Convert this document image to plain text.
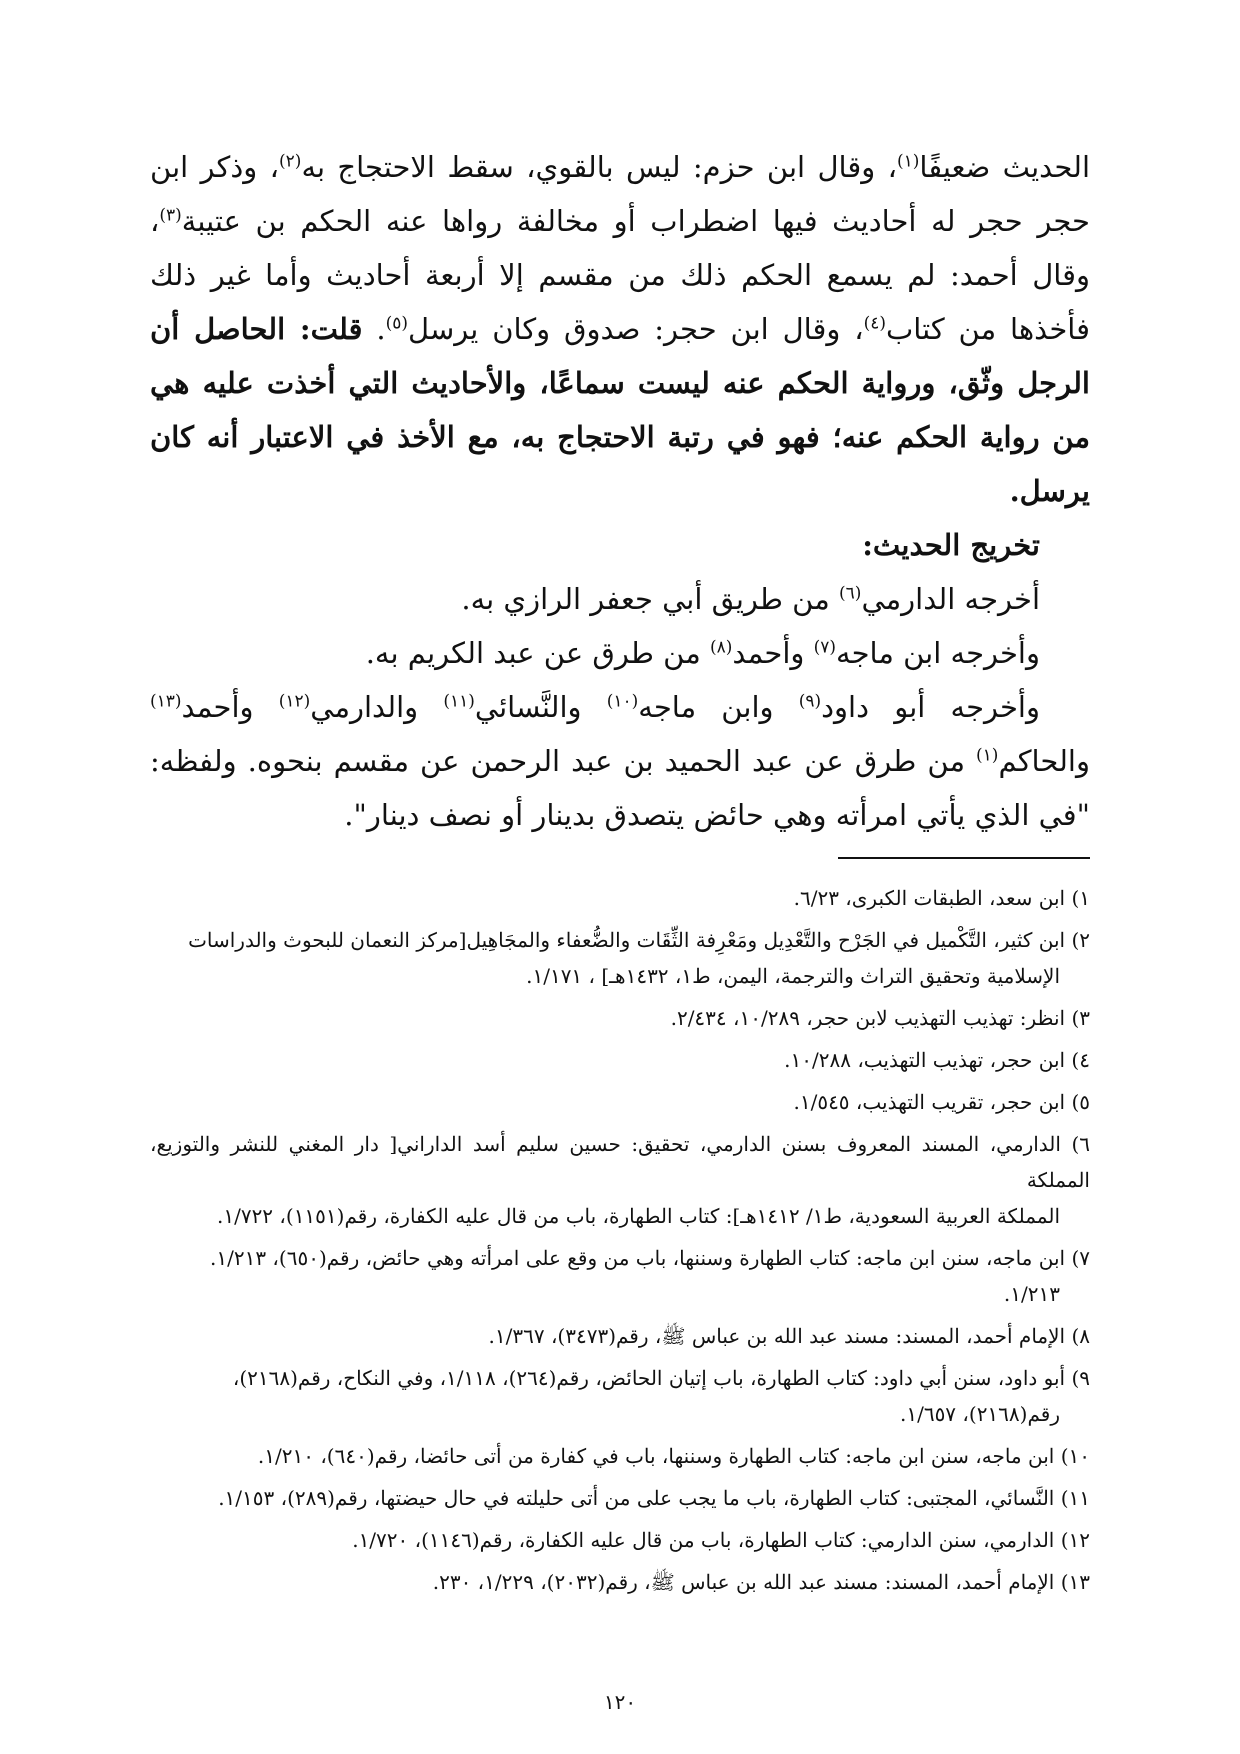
الحديث ضعيفًا$^{(١)}$، وقال ابن حزم: ليس بالقوي، سقط الاحتجاج به$^{(٢)}$، وذكر ابن حجر حجر له أحاديث فيها اضطراب أو مخالفة رواها عنه الحكم بن عتيبة$^{(٣)}$، وقال أحمد: لم يسمع الحكم ذلك من مقسم إلا أربعة أحاديث وأما غير ذلك فأخذها من كتاب$^{(٤)}$، وقال ابن حجر: صدوق وكان يرسل$^{(٥)}$. قلت: الحاصل أن الرجل وثّق، ورواية الحكم عنه ليست سماعًا، والأحاديث التي أخذت عليه هي من رواية الحكم عنه؛ فهو في رتبة الاحتجاج به، مع الأخذ في الاعتبار أنه كان يرسل.

تخريج الحديث:

أخرجه الدارمي$^{(٦)}$ من طريق أبي جعفر الرازي به.

وأخرجه ابن ماجه$^{(٧)}$ وأحمد$^{(٨)}$ من طرق عن عبد الكريم به.

وأخرجه أبو داود$^{(٩)}$ وابن ماجه$^{(١٠)}$ والنَّسائي$^{(١١)}$ والدارمي$^{(١٢)}$ وأحمد$^{(١٣)}$ والحاكم$^{(١)}$ من طرق عن عبد الحميد بن عبد الرحمن عن مقسم بنحوه. ولفظه: "في الذي يأتي امرأته وهي حائض يتصدق بدينار أو نصف دينار".

١) ابن سعد، الطبقات الكبرى، ٦/٢٣.

٢) ابن كثير، التَّكْميل في الجَرْح والتَّعْدِيل ومَعْرِفة الثِّقَات والضُّعفاء والمجَاهِيل[مركز النعمان للبحوث والدراسات
الإسلامية وتحقيق التراث والترجمة، اليمن، ط١، ١٤٣٢هـ] ، ١/١٧١.

٣) انظر: تهذيب التهذيب لابن حجر، ١٠/٢٨٩، ٢/٤٣٤.

٤) ابن حجر، تهذيب التهذيب، ١٠/٢٨٨.

٥) ابن حجر، تقريب التهذيب، ١/٥٤٥.

٦) الدارمي، المسند المعروف بسنن الدارمي، تحقيق: حسين سليم أسد الداراني[ دار المغني للنشر والتوزيع، المملكة
المملكة العربية السعودية، ط١/ ١٤١٢هـ]: كتاب الطهارة، باب من قال عليه الكفارة، رقم(١١٥١)، ١/٧٢٢.

٧) ابن ماجه، سنن ابن ماجه: كتاب الطهارة وسننها، باب من وقع على امرأته وهي حائض، رقم(٦٥٠)، ١/٢١٣.
١/٢١٣.

٨) الإمام أحمد، المسند: مسند عبد الله بن عباس ﷺ، رقم(٣٤٧٣)، ١/٣٦٧.

٩) أبو داود، سنن أبي داود: كتاب الطهارة، باب إتيان الحائض، رقم(٢٦٤)، ١/١١٨، وفي النكاح، رقم(٢١٦٨)،
رقم(٢١٦٨)، ١/٦٥٧.

١٠) ابن ماجه، سنن ابن ماجه: كتاب الطهارة وسننها، باب في كفارة من أتى حائضا، رقم(٦٤٠)، ١/٢١٠.

١١) النَّسائي، المجتبى: كتاب الطهارة، باب ما يجب على من أتى حليلته في حال حيضتها، رقم(٢٨٩)، ١/١٥٣.

١٢) الدارمي، سنن الدارمي: كتاب الطهارة، باب من قال عليه الكفارة، رقم(١١٤٦)، ١/٧٢٠.

١٣) الإمام أحمد، المسند: مسند عبد الله بن عباس ﷺ، رقم(٢٠٣٢)، ١/٢٢٩، ٢٣٠.

١٢٠
